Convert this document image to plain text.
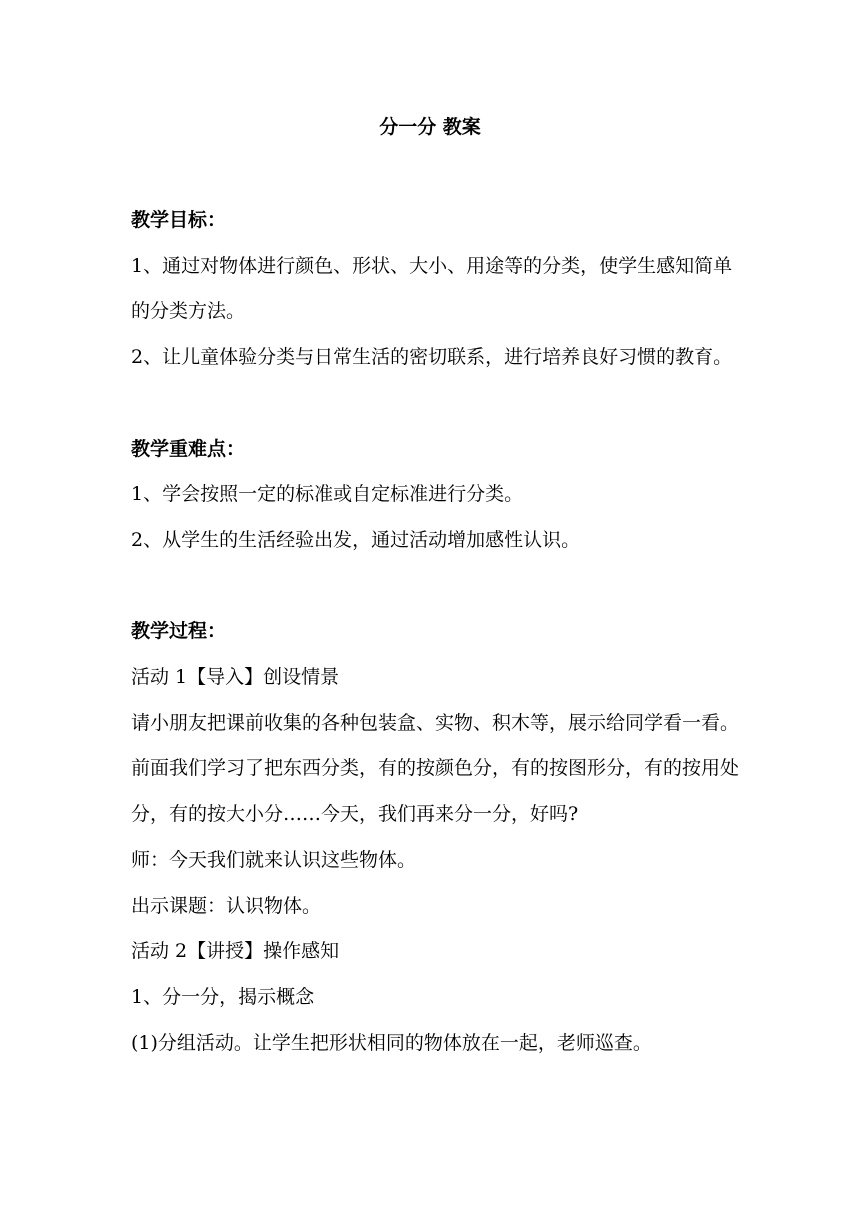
分一分 教案

教学目标：

1、通过对物体进行颜色、形状、大小、用途等的分类，使学生感知简单的分类方法。

2、让儿童体验分类与日常生活的密切联系，进行培养良好习惯的教育。

教学重难点：

1、学会按照一定的标准或自定标准进行分类。

2、从学生的生活经验出发，通过活动增加感性认识。

教学过程：

活动 1【导入】创设情景

请小朋友把课前收集的各种包装盒、实物、积木等，展示给同学看一看。前面我们学习了把东西分类，有的按颜色分，有的按图形分，有的按用处分，有的按大小分……今天，我们再来分一分，好吗?

师：今天我们就来认识这些物体。

出示课题：认识物体。

活动 2【讲授】操作感知

1、分一分，揭示概念

(1)分组活动。让学生把形状相同的物体放在一起，老师巡查。
